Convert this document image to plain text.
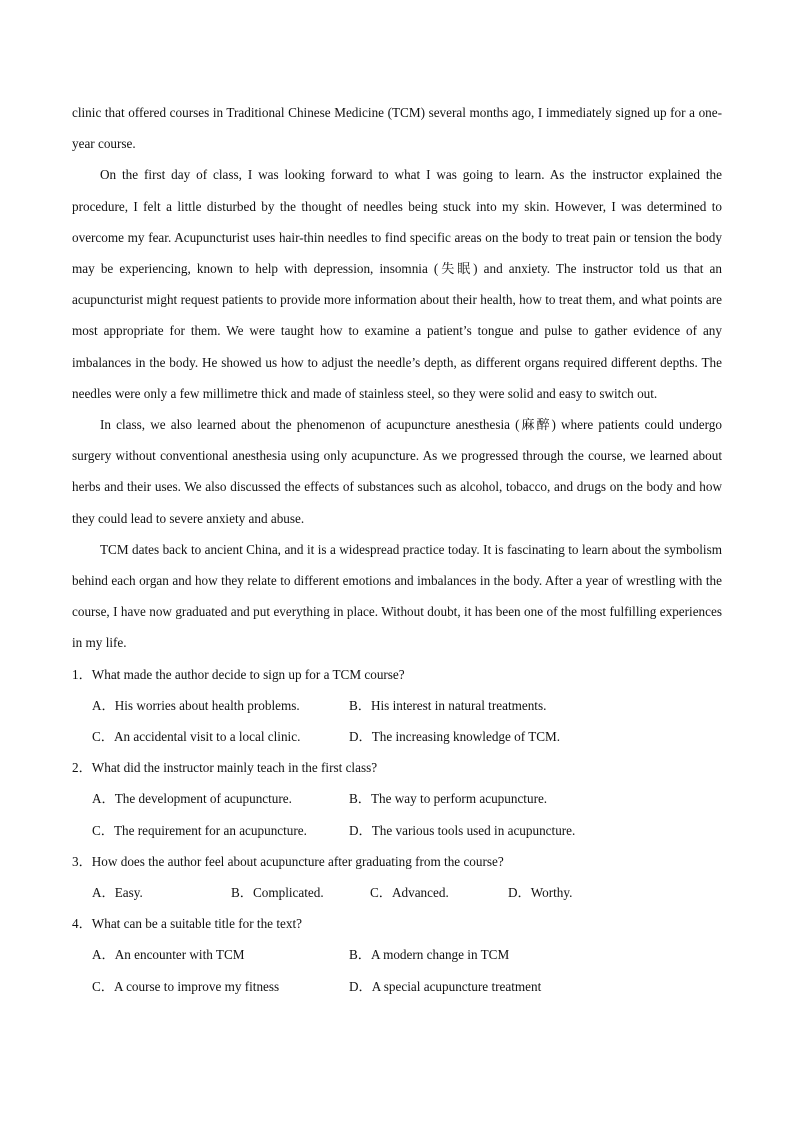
clinic that offered courses in Traditional Chinese Medicine (TCM) several months ago, I immediately signed up for a one-year course.

On the first day of class, I was looking forward to what I was going to learn. As the instructor explained the procedure, I felt a little disturbed by the thought of needles being stuck into my skin. However, I was determined to overcome my fear. Acupuncturist uses hair-thin needles to find specific areas on the body to treat pain or tension the body may be experiencing, known to help with depression, insomnia (失眠) and anxiety. The instructor told us that an acupuncturist might request patients to provide more information about their health, how to treat them, and what points are most appropriate for them. We were taught how to examine a patient’s tongue and pulse to gather evidence of any imbalances in the body. He showed us how to adjust the needle’s depth, as different organs required different depths. The needles were only a few millimetre thick and made of stainless steel, so they were solid and easy to switch out.

In class, we also learned about the phenomenon of acupuncture anesthesia (麻醉) where patients could undergo surgery without conventional anesthesia using only acupuncture. As we progressed through the course, we learned about herbs and their uses. We also discussed the effects of substances such as alcohol, tobacco, and drugs on the body and how they could lead to severe anxiety and abuse.

TCM dates back to ancient China, and it is a widespread practice today. It is fascinating to learn about the symbolism behind each organ and how they relate to different emotions and imbalances in the body. After a year of wrestling with the course, I have now graduated and put everything in place. Without doubt, it has been one of the most fulfilling experiences in my life.

1．What made the author decide to sign up for a TCM course?

A．His worries about health problems.	B．His interest in natural treatments.
C．An accidental visit to a local clinic.	D．The increasing knowledge of TCM.

2．What did the instructor mainly teach in the first class?

A．The development of acupuncture.	B．The way to perform acupuncture.
C．The requirement for an acupuncture.	D．The various tools used in acupuncture.

3．How does the author feel about acupuncture after graduating from the course?

A．Easy.	B．Complicated.	C．Advanced.	D．Worthy.

4．What can be a suitable title for the text?

A．An encounter with TCM	B．A modern change in TCM
C．A course to improve my fitness	D．A special acupuncture treatment
